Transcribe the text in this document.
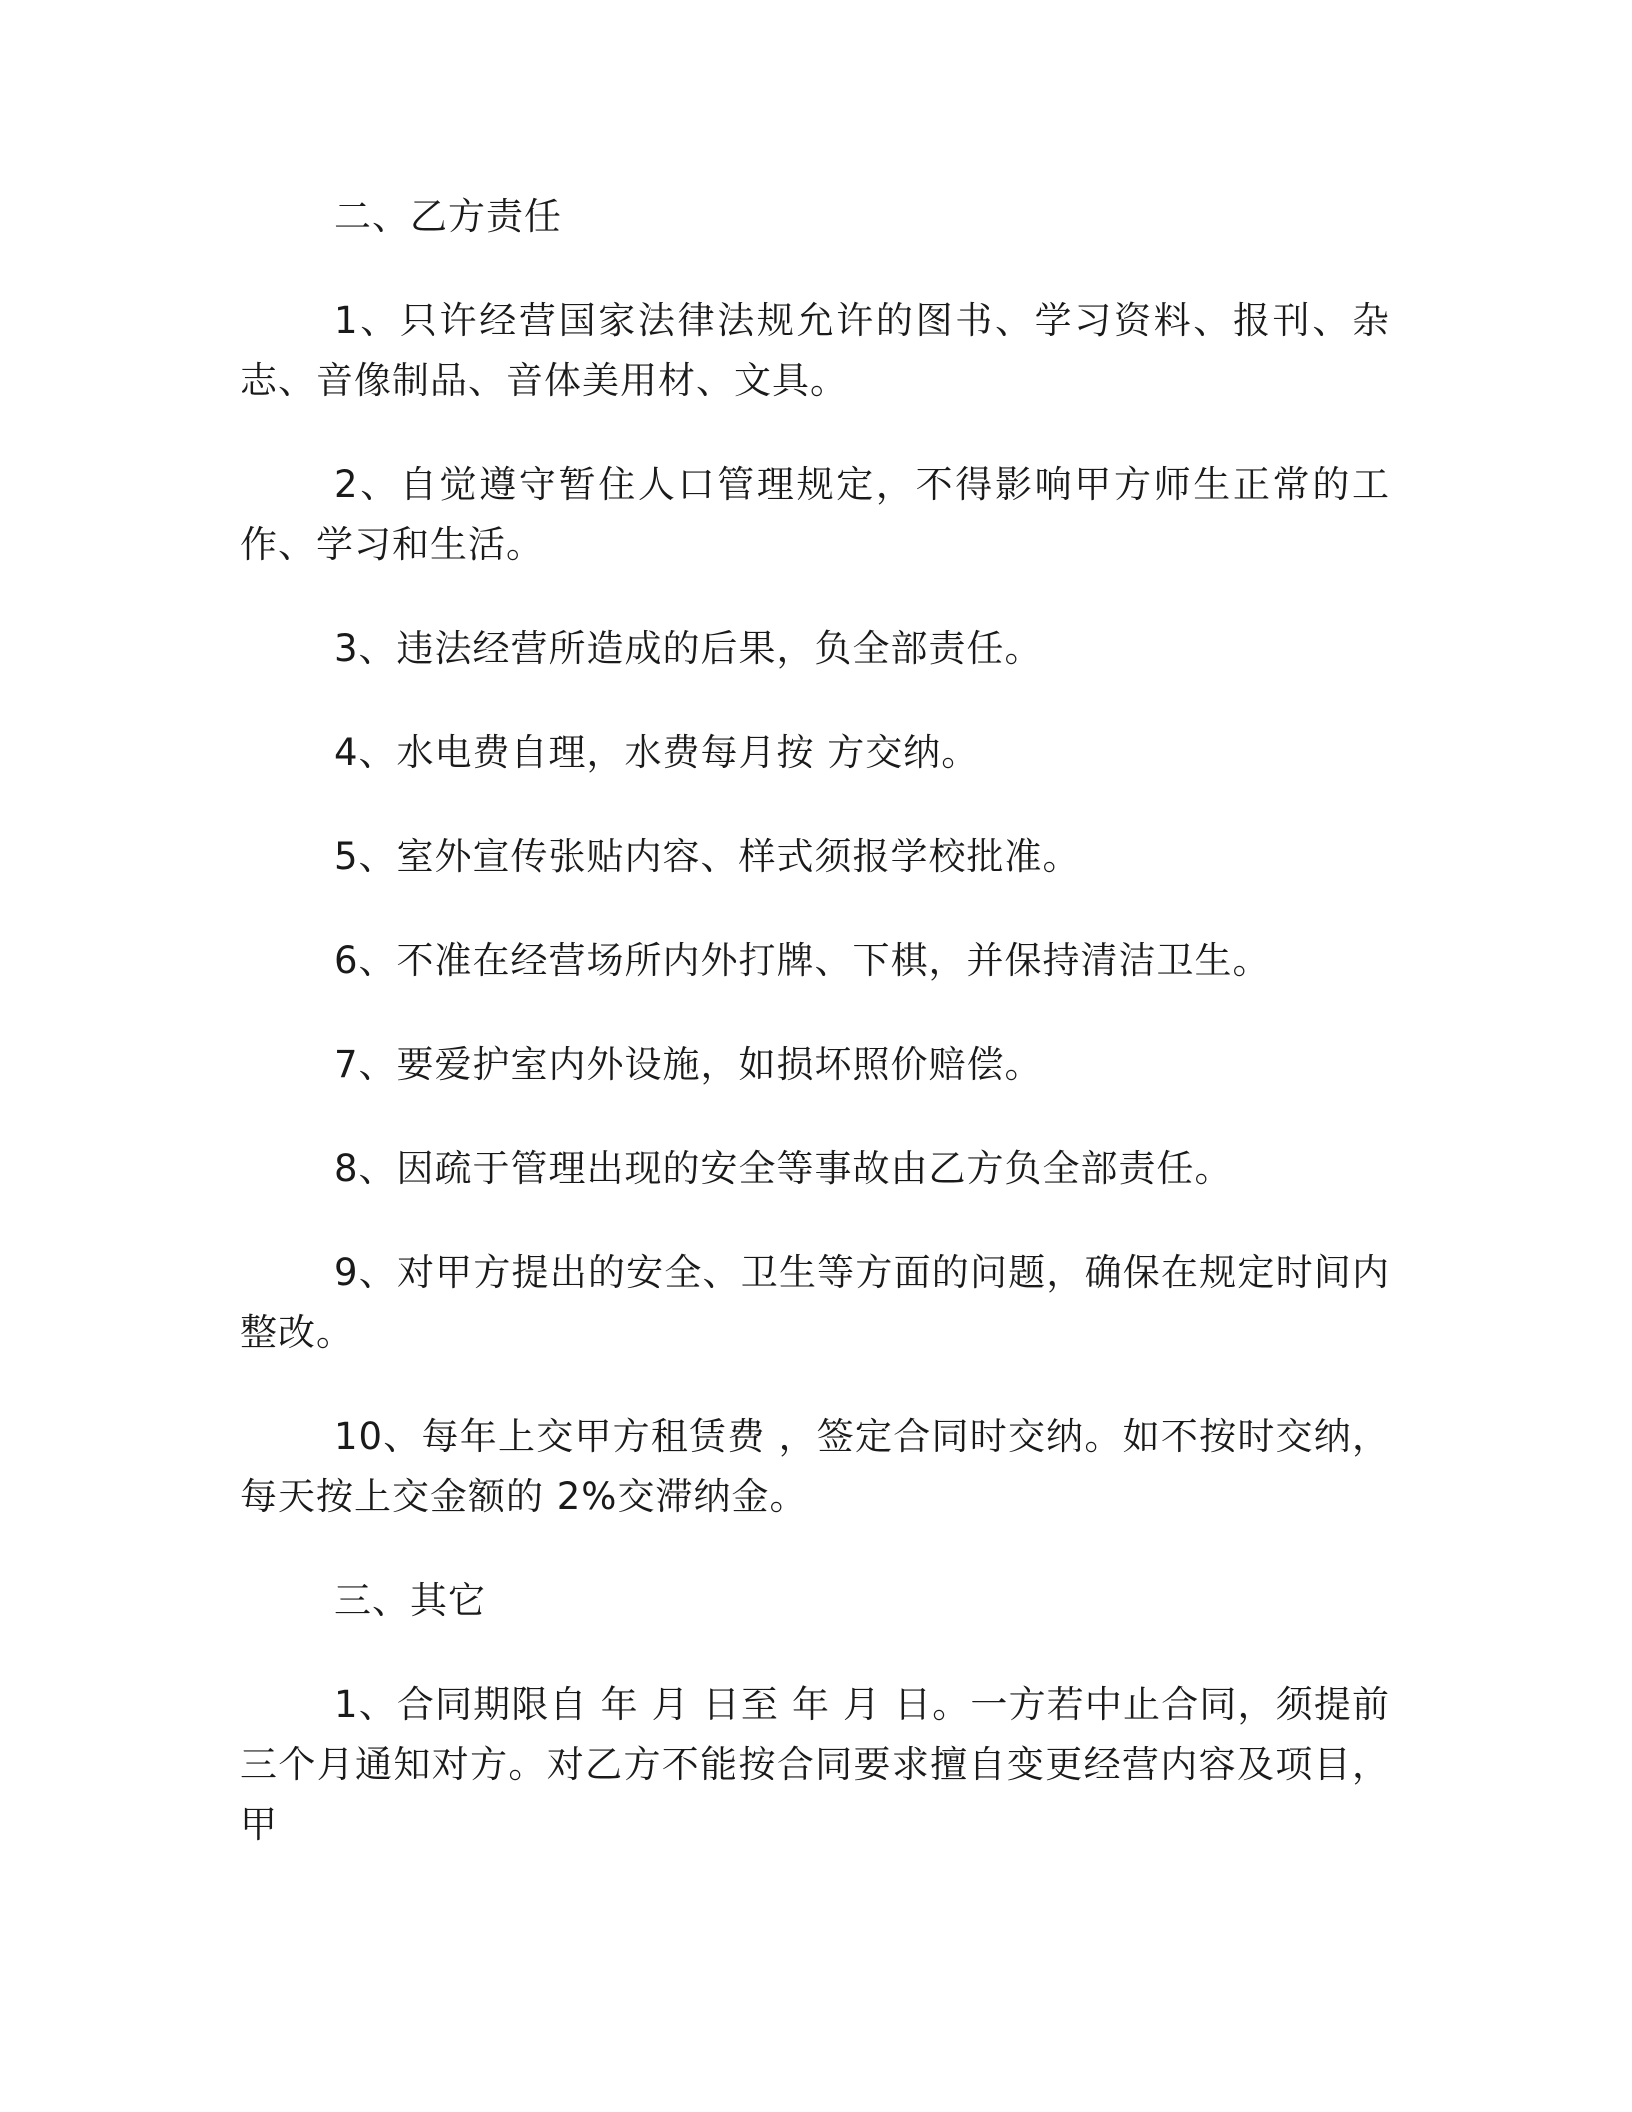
二、乙方责任

1、只许经营国家法律法规允许的图书、学习资料、报刊、杂志、音像制品、音体美用材、文具。

2、自觉遵守暂住人口管理规定，不得影响甲方师生正常的工作、学习和生活。

3、违法经营所造成的后果，负全部责任。

4、水电费自理，水费每月按 方交纳。

5、室外宣传张贴内容、样式须报学校批准。

6、不准在经营场所内外打牌、下棋，并保持清洁卫生。

7、要爱护室内外设施，如损坏照价赔偿。

8、因疏于管理出现的安全等事故由乙方负全部责任。

9、对甲方提出的安全、卫生等方面的问题，确保在规定时间内整改。

10、每年上交甲方租赁费 ，签定合同时交纳。如不按时交纳，每天按上交金额的 2%交滞纳金。

三、其它

1、合同期限自 年 月 日至 年 月 日。一方若中止合同，须提前三个月通知对方。对乙方不能按合同要求擅自变更经营内容及项目，甲
